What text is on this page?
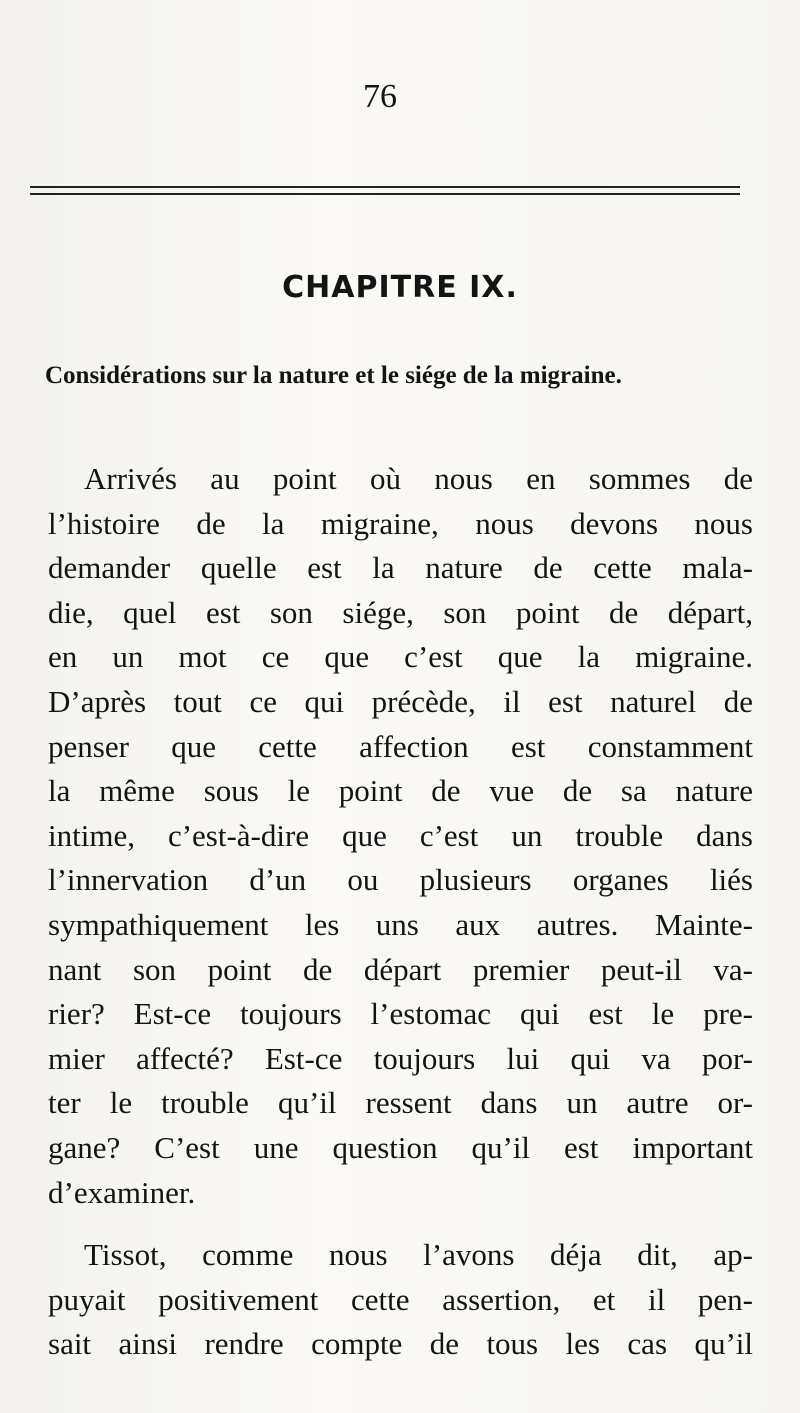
76
CHAPITRE IX.
Considérations sur la nature et le siége de la migraine.
Arrivés au point où nous en sommes de
l’histoire de la migraine, nous devons nous
demander quelle est la nature de cette mala-
die, quel est son siége, son point de départ,
en un mot ce que c’est que la migraine.
D’après tout ce qui précède, il est naturel de
penser que cette affection est constamment
la même sous le point de vue de sa nature
intime, c’est-à-dire que c’est un trouble dans
l’innervation d’un ou plusieurs organes liés
sympathiquement les uns aux autres. Mainte-
nant son point de départ premier peut-il va-
rier? Est-ce toujours l’estomac qui est le pre-
mier affecté? Est-ce toujours lui qui va por-
ter le trouble qu’il ressent dans un autre or-
gane? C’est une question qu’il est important
d’examiner.
Tissot, comme nous l’avons déja dit, ap-
puyait positivement cette assertion, et il pen-
sait ainsi rendre compte de tous les cas qu’il
